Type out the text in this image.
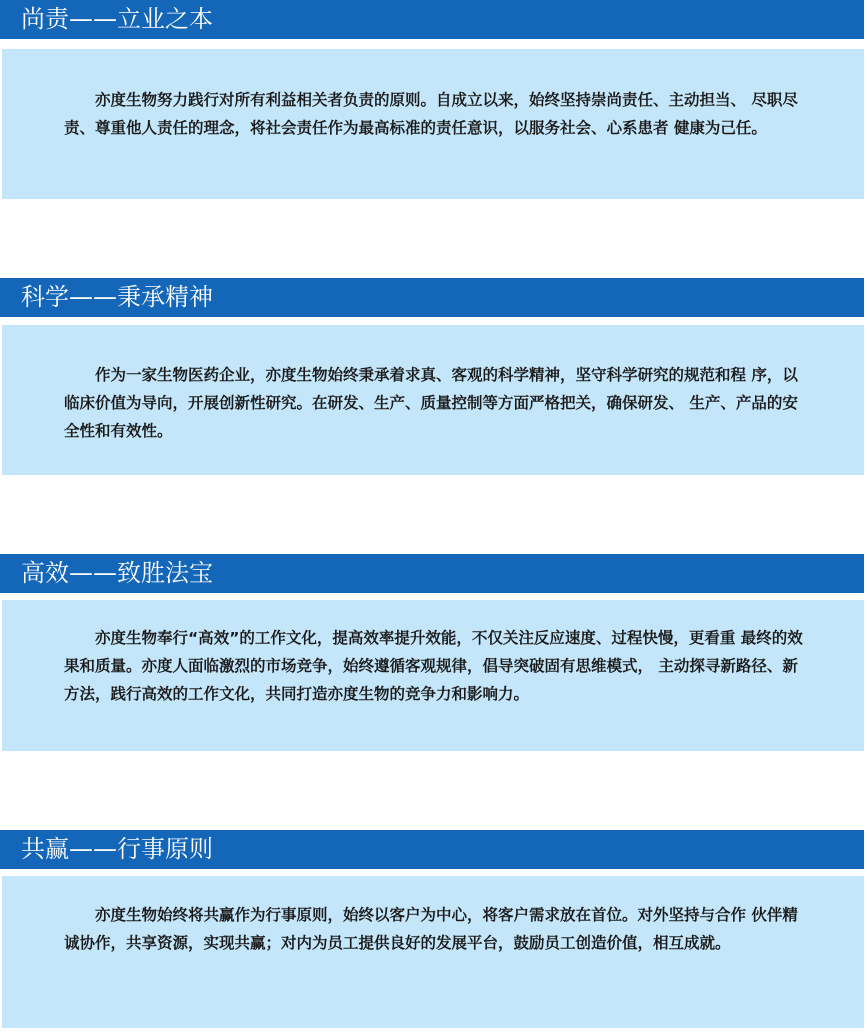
尚责——立业之本

亦度生物努力践行对所有利益相关者负责的原则。自成立以来，始终坚持崇尚责任、主动担当、 尽职尽责、尊重他人责任的理念，将社会责任作为最高标准的责任意识，以服务社会、心系患者 健康为己任。

科学——秉承精神

作为一家生物医药企业，亦度生物始终秉承着求真、客观的科学精神，坚守科学研究的规范和程 序，以临床价值为导向，开展创新性研究。在研发、生产、质量控制等方面严格把关，确保研发、 生产、产品的安全性和有效性。

高效——致胜法宝

亦度生物奉行“高效”的工作文化，提高效率提升效能，不仅关注反应速度、过程快慢，更看重 最终的效果和质量。亦度人面临激烈的市场竞争，始终遵循客观规律，倡导突破固有思维模式， 主动探寻新路径、新方法，践行高效的工作文化，共同打造亦度生物的竞争力和影响力。

共赢——行事原则

亦度生物始终将共赢作为行事原则，始终以客户为中心，将客户需求放在首位。对外坚持与合作 伙伴精诚协作，共享资源，实现共赢；对内为员工提供良好的发展平台，鼓励员工创造价值，相互成就。
